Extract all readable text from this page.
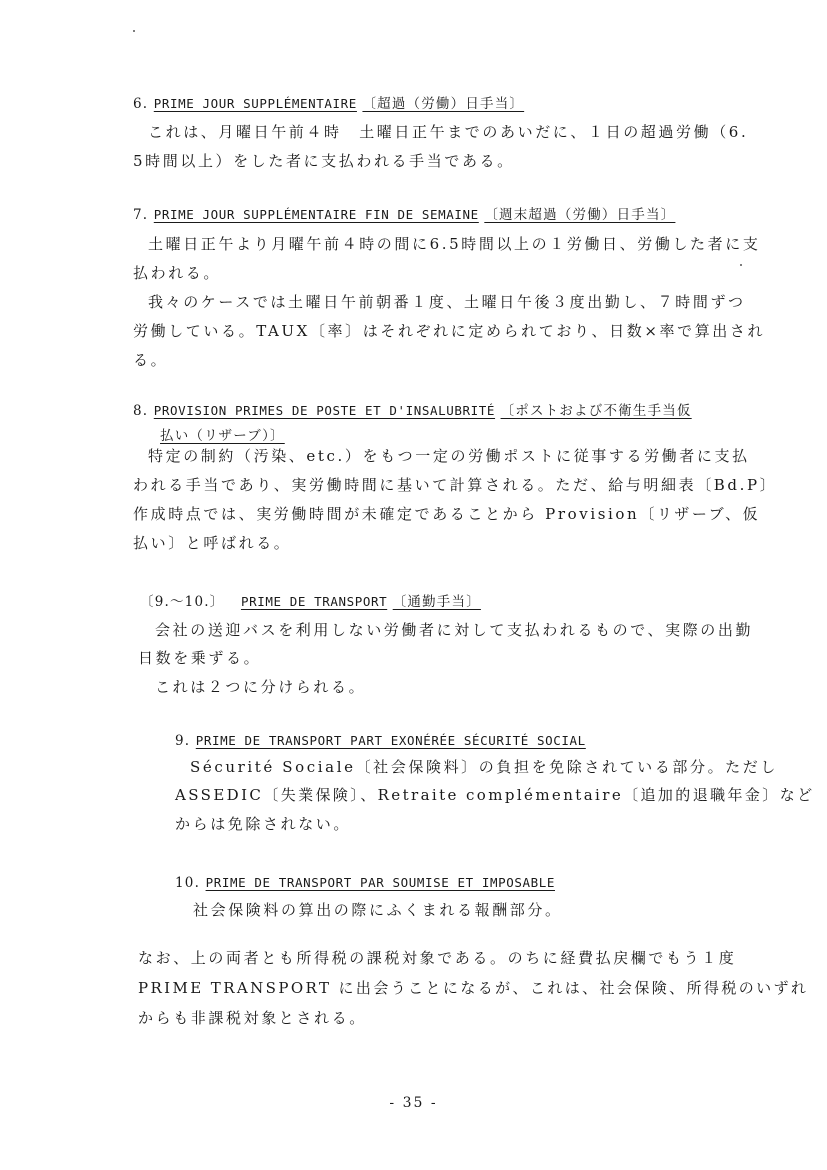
6. PRIME JOUR SUPPLÉMENTAIRE 〔超過（労働）日手当〕
これは、月曜日午前４時　土曜日正午までのあいだに、１日の超過労働（6.
5時間以上）をした者に支払われる手当である。
7. PRIME JOUR SUPPLÉMENTAIRE FIN DE SEMAINE 〔週末超過（労働）日手当〕
土曜日正午より月曜午前４時の間に6.5時間以上の１労働日、労働した者に支
払われる。
我々のケースでは土曜日午前朝番１度、土曜日午後３度出勤し、７時間ずつ
労働している。TAUX〔率〕はそれぞれに定められており、日数×率で算出され
る。
8. PROVISION PRIMES DE POSTE ET D'INSALUBRITÉ 〔ポストおよび不衛生手当仮
払い（リザーブ）〕
特定の制約（汚染、etc.）をもつ一定の労働ポストに従事する労働者に支払
われる手当であり、実労働時間に基いて計算される。ただ、給与明細表〔Bd.P〕
作成時点では、実労働時間が未確定であることから Provision〔リザーブ、仮
払い〕と呼ばれる。
〔9.～10.〕 PRIME DE TRANSPORT 〔通勤手当〕
会社の送迎バスを利用しない労働者に対して支払われるもので、実際の出勤
日数を乗ずる。
これは２つに分けられる。
9. PRIME DE TRANSPORT PART EXONÉRÉE SÉCURITÉ SOCIAL
Sécurité Sociale〔社会保険料〕の負担を免除されている部分。ただし
ASSEDIC〔失業保険〕、Retraite complémentaire〔追加的退職年金〕など
からは免除されない。
10. PRIME DE TRANSPORT PAR SOUMISE ET IMPOSABLE
社会保険料の算出の際にふくまれる報酬部分。
なお、上の両者とも所得税の課税対象である。のちに経費払戻欄でもう１度
PRIME TRANSPORT に出会うことになるが、これは、社会保険、所得税のいずれ
からも非課税対象とされる。
- 35 -
